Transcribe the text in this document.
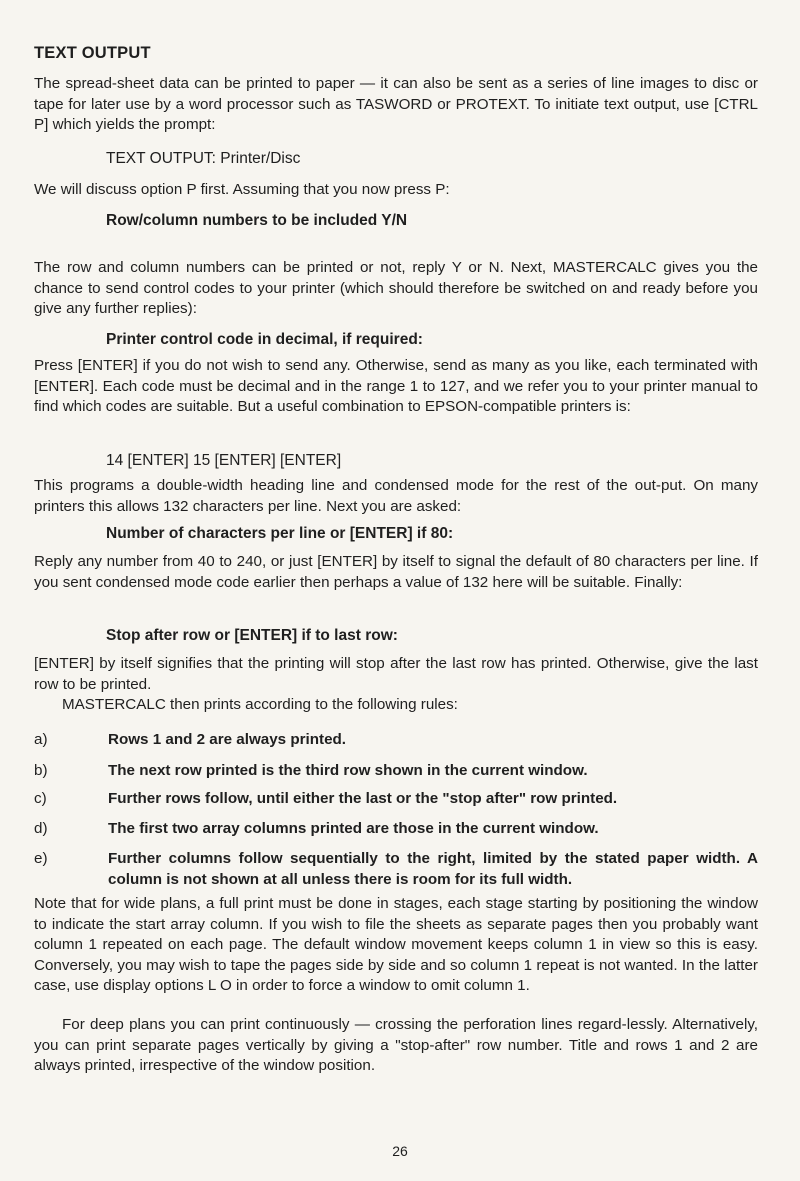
TEXT OUTPUT

The spread-sheet data can be printed to paper — it can also be sent as a series of line images to disc or tape for later use by a word processor such as TASWORD or PROTEXT. To initiate text output, use [CTRL P] which yields the prompt:

TEXT OUTPUT: Printer/Disc

We will discuss option P first. Assuming that you now press P:

Row/column numbers to be included Y/N

The row and column numbers can be printed or not, reply Y or N. Next, MASTERCALC gives you the chance to send control codes to your printer (which should therefore be switched on and ready before you give any further replies):

Printer control code in decimal, if required:

Press [ENTER] if you do not wish to send any. Otherwise, send as many as you like, each terminated with [ENTER]. Each code must be decimal and in the range 1 to 127, and we refer you to your printer manual to find which codes are suitable. But a useful combination to EPSON-compatible printers is:

14 [ENTER] 15 [ENTER] [ENTER]

This programs a double-width heading line and condensed mode for the rest of the out-put. On many printers this allows 132 characters per line. Next you are asked:

Number of characters per line or [ENTER] if 80:

Reply any number from 40 to 240, or just [ENTER] by itself to signal the default of 80 characters per line. If you sent condensed mode code earlier then perhaps a value of 132 here will be suitable. Finally:

Stop after row or [ENTER] if to last row:

[ENTER] by itself signifies that the printing will stop after the last row has printed. Otherwise, give the last row to be printed.

MASTERCALC then prints according to the following rules:

a)	Rows 1 and 2 are always printed.
b)	The next row printed is the third row shown in the current window.
c)	Further rows follow, until either the last or the "stop after" row printed.
d)	The first two array columns printed are those in the current window.
e)	Further columns follow sequentially to the right, limited by the stated paper width. A column is not shown at all unless there is room for its full width.

Note that for wide plans, a full print must be done in stages, each stage starting by positioning the window to indicate the start array column. If you wish to file the sheets as separate pages then you probably want column 1 repeated on each page. The default window movement keeps column 1 in view so this is easy. Conversely, you may wish to tape the pages side by side and so column 1 repeat is not wanted. In the latter case, use display options L O in order to force a window to omit column 1.

For deep plans you can print continuously — crossing the perforation lines regard-lessly. Alternatively, you can print separate pages vertically by giving a "stop-after" row number. Title and rows 1 and 2 are always printed, irrespective of the window position.

26
